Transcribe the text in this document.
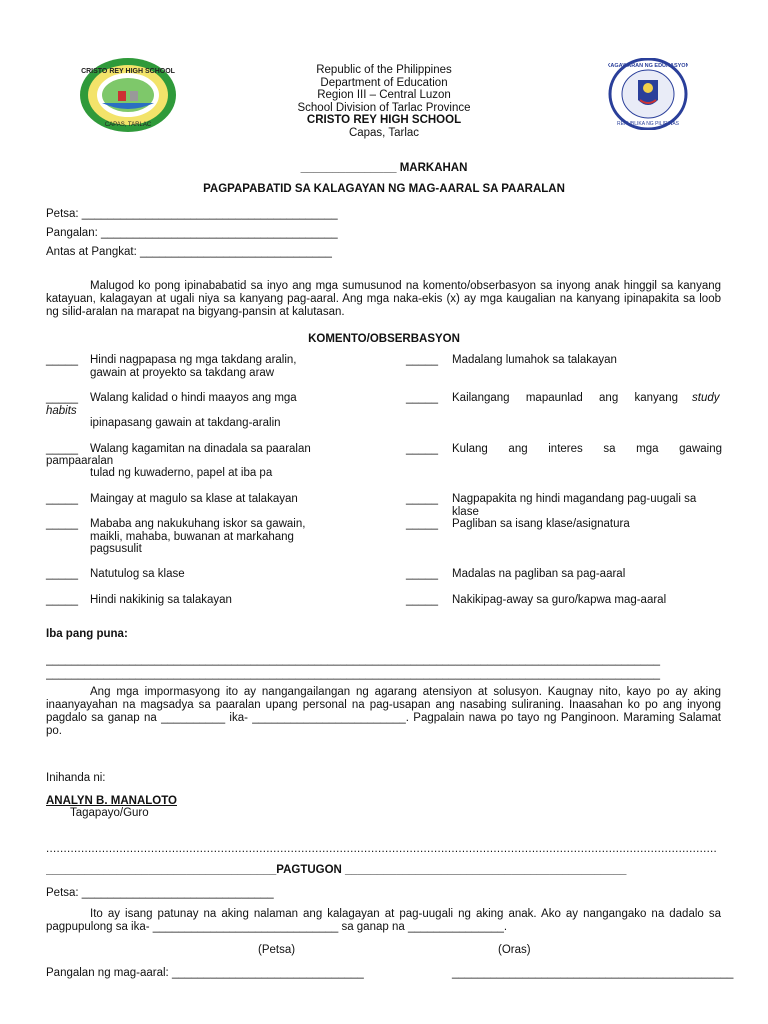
CRISTO REY HIGH SCHOOL
CAPAS, TARLAC
KAGAWARAN NG EDUKASYON
REPUBLIKA NG PILIPINAS
Republic of the Philippines
Department of Education
Region III – Central Luzon
School Division of Tarlac Province
CRISTO REY HIGH SCHOOL
Capas, Tarlac
_______________ MARKAHAN
PAGPAPABATID SA KALAGAYAN NG MAG-AARAL SA PAARALAN
Petsa: ________________________________________
Pangalan: _____________________________________
Antas at Pangkat: ______________________________
Malugod ko pong ipinababatid sa inyo ang mga sumusunod na komento/obserbasyon sa inyong anak hinggil sa kanyang katayuan, kalagayan at ugali niya sa kanyang pag-aaral. Ang mga naka-ekis (x) ay mga kaugalian na kanyang ipinapakita sa loob ng silid-aralan na marapat na bigyang-pansin at kalutasan.
KOMENTO/OBSERBASYON
_____ Hindi nagpapasa ng mga takdang aralin,
gawain at proyekto sa takdang araw
_____ Walang kalidad o hindi maayos ang mga
habits
ipinapasang gawain at takdang-aralin
_____ Walang kagamitan na dinadala sa paaralan
pampaaralan
tulad ng kuwaderno, papel at iba pa
_____ Maingay at magulo sa klase at talakayan
_____ Mababa ang nakukuhang iskor sa gawain,
maikli, mahaba, buwanan at markahang
pagsusulit
_____ Natutulog sa klase
_____ Hindi nakikinig sa talakayan
_____ Madalang lumahok sa talakayan
_____ Kailangang mapaunlad ang kanyang study
_____ Kulang ang interes sa mga gawaing
_____ Nagpapakita ng hindi magandang pag-uugali sa
klase
_____ Pagliban sa isang klase/asignatura
_____ Madalas na pagliban sa pag-aaral
_____ Nakikipag-away sa guro/kapwa mag-aaral
Iba pang puna:
________________________________________________________________________________________________
________________________________________________________________________________________________
Ang mga impormasyong ito ay nangangailangan ng agarang atensiyon at solusyon. Kaugnay nito, kayo po ay aking inaanyayahan na magsadya sa paaralan upang personal na pag-usapan ang nasabing suliraning. Inaasahan ko po ang inyong pagdalo sa ganap na __________ ika- ________________________. Pagpalain nawa po tayo ng Panginoon. Maraming Salamat po.
Inihanda ni:
ANALYN B. MANALOTO
Tagapayo/Guro
................................................................................................................................................................................................
____________________________________PAGTUGON ____________________________________________
Petsa: ______________________________
Ito ay isang patunay na aking nalaman ang kalagayan at pag-uugali ng aking anak. Ako ay nangangako na dadalo sa pagpupulong sa ika- _____________________________ sa ganap na _______________.
(Petsa)	(Oras)
Pangalan ng mag-aaral: ______________________________	____________________________________________
